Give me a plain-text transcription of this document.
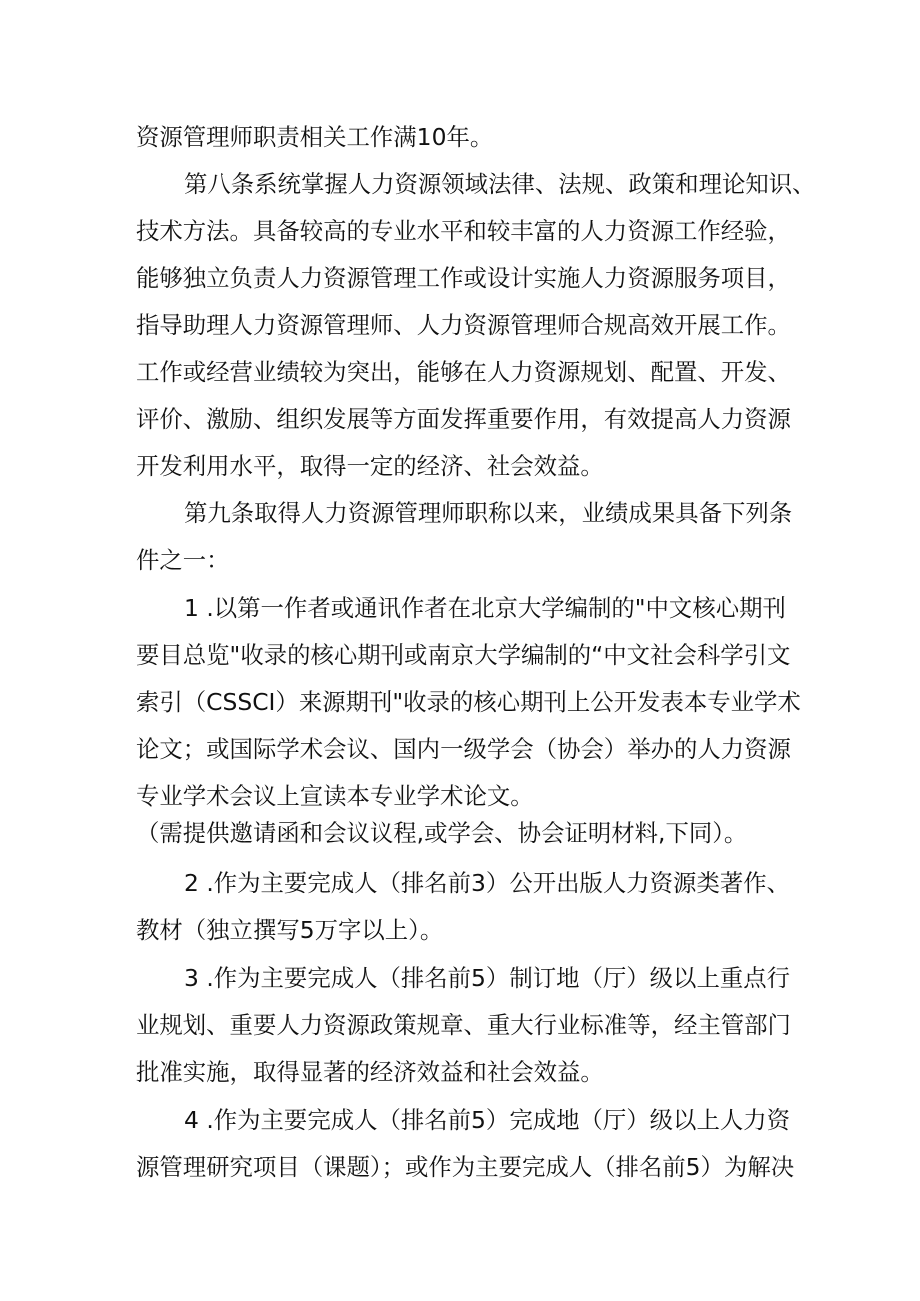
资源管理师职责相关工作满10年。
第八条系统掌握人力资源领域法律、法规、政策和理论知识、
技术方法。具备较高的专业水平和较丰富的人力资源工作经验，
能够独立负责人力资源管理工作或设计实施人力资源服务项目，
指导助理人力资源管理师、人力资源管理师合规高效开展工作。
工作或经营业绩较为突出，能够在人力资源规划、配置、开发、
评价、激励、组织发展等方面发挥重要作用，有效提高人力资源
开发利用水平，取得一定的经济、社会效益。
第九条取得人力资源管理师职称以来，业绩成果具备下列条
件之一：
1 .以第一作者或通讯作者在北京大学编制的"中文核心期刊
要目总览"收录的核心期刊或南京大学编制的“中文社会科学引文
索引（CSSCI）来源期刊"收录的核心期刊上公开发表本专业学术
论文；或国际学术会议、国内一级学会（协会）举办的人力资源
专业学术会议上宣读本专业学术论文。
（需提供邀请函和会议议程,或学会、协会证明材料,下同）。
2 .作为主要完成人（排名前3）公开出版人力资源类著作、
教材（独立撰写5万字以上）。
3 .作为主要完成人（排名前5）制订地（厅）级以上重点行
业规划、重要人力资源政策规章、重大行业标准等，经主管部门
批准实施，取得显著的经济效益和社会效益。
4 .作为主要完成人（排名前5）完成地（厅）级以上人力资
源管理研究项目（课题）；或作为主要完成人（排名前5）为解决
